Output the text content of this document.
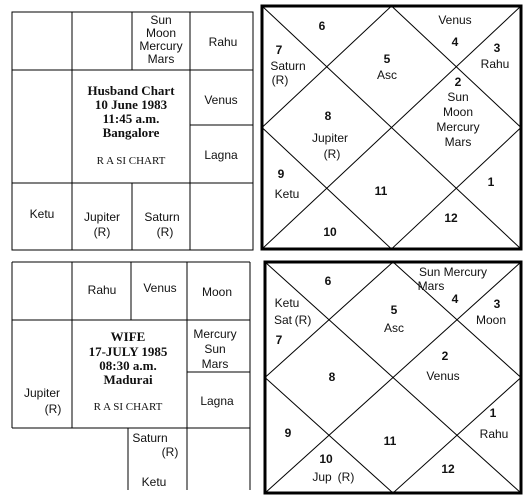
Sun
Moon
Mercury
Mars
Rahu
Venus
Lagna
Ketu Jupiter
(R)
Saturn
(R)
Husband Chart
10 June 1983
11:45 a.m.
Bangalore
R A SI CHART
6	Venus
4
7
Saturn
(R)
5
Asc
3
Rahu
2
Sun
Moon
Mercury
Mars
8
Jupiter
(R)
9
Ketu	11
1
12
10
Rahu Venus Moon
Mercury
Sun
Mars
Lagna
Jupiter
(R)
Saturn
(R)
Ketu
WIFE
17-JULY 1985
08:30 a.m.
Madurai
R A SI CHART
6
Sun Mercury
Mars
4
Ketu
Sat (R)
7
5
Asc
3
Moon
2
Venus
8
9
11
1
Rahu
10
Jup (R)
12
